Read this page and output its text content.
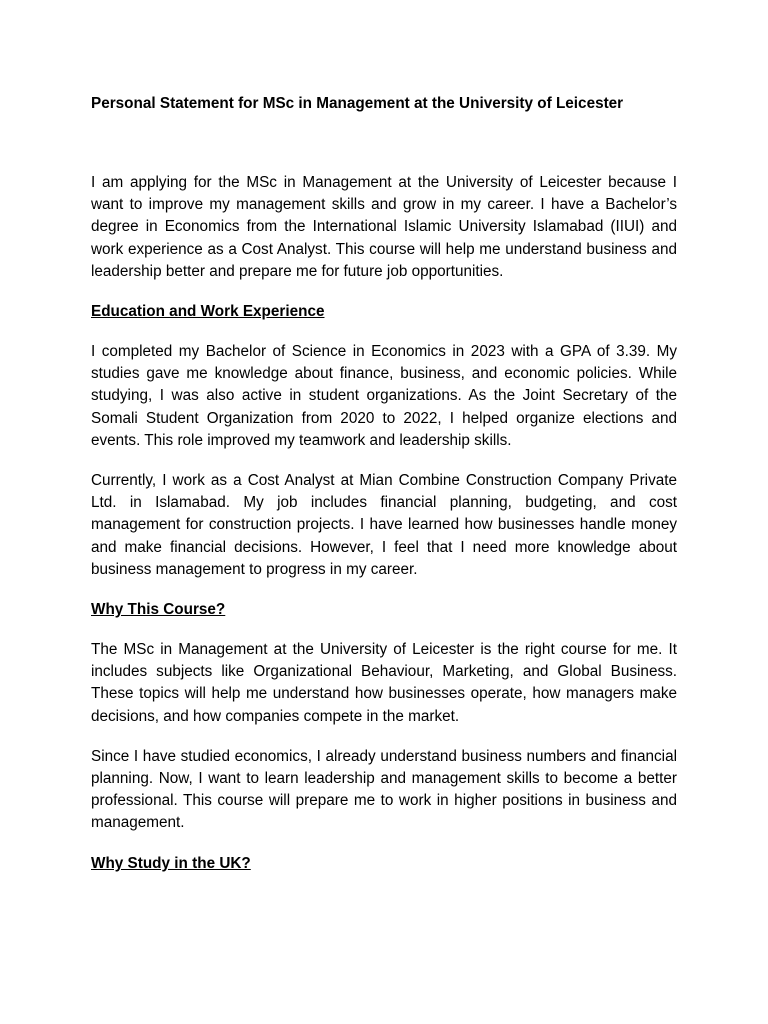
Personal Statement for MSc in Management at the University of Leicester

I am applying for the MSc in Management at the University of Leicester because I want to improve my management skills and grow in my career. I have a Bachelor’s degree in Economics from the International Islamic University Islamabad (IIUI) and work experience as a Cost Analyst. This course will help me understand business and leadership better and prepare me for future job opportunities.

Education and Work Experience

I completed my Bachelor of Science in Economics in 2023 with a GPA of 3.39. My studies gave me knowledge about finance, business, and economic policies. While studying, I was also active in student organizations. As the Joint Secretary of the Somali Student Organization from 2020 to 2022, I helped organize elections and events. This role improved my teamwork and leadership skills.

Currently, I work as a Cost Analyst at Mian Combine Construction Company Private Ltd. in Islamabad. My job includes financial planning, budgeting, and cost management for construction projects. I have learned how businesses handle money and make financial decisions. However, I feel that I need more knowledge about business management to progress in my career.

Why This Course?

The MSc in Management at the University of Leicester is the right course for me. It includes subjects like Organizational Behaviour, Marketing, and Global Business. These topics will help me understand how businesses operate, how managers make decisions, and how companies compete in the market.

Since I have studied economics, I already understand business numbers and financial planning. Now, I want to learn leadership and management skills to become a better professional. This course will prepare me to work in higher positions in business and management.

Why Study in the UK?
